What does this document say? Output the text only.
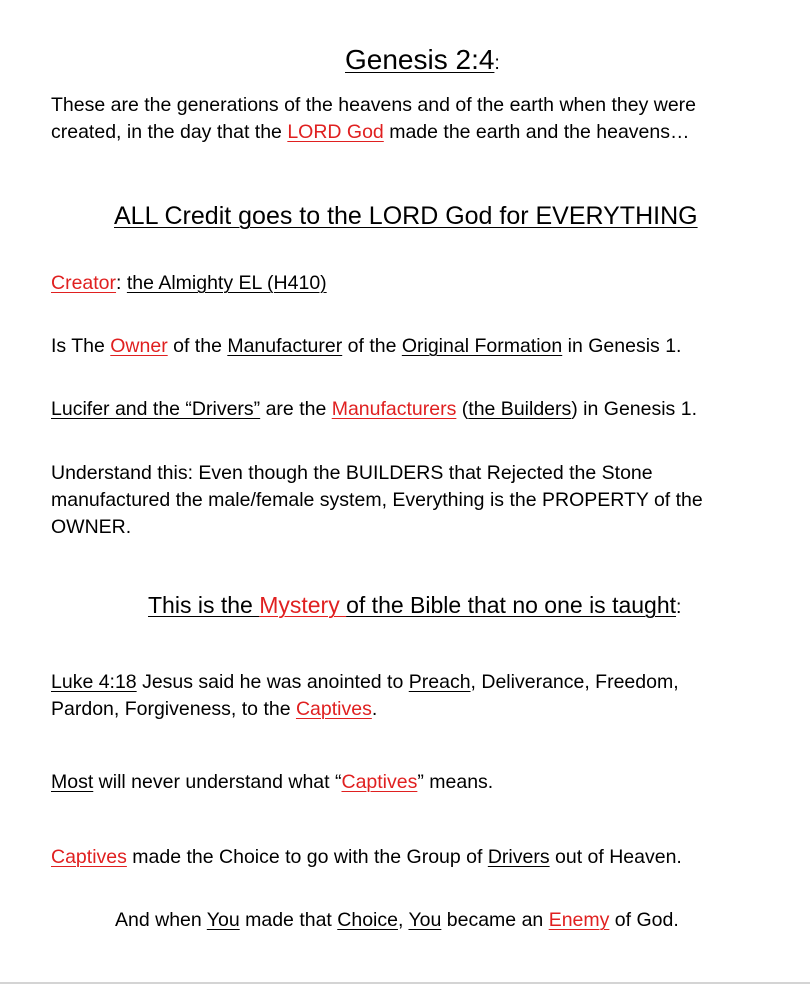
Genesis 2:4:
These are the generations of the heavens and of the earth when they were
created, in the day that the LORD God made the earth and the heavens…
ALL Credit goes to the LORD God for EVERYTHING
Creator: the Almighty EL (H410)
Is The Owner of the Manufacturer of the Original Formation in Genesis 1.
Lucifer and the “Drivers” are the Manufacturers (the Builders) in Genesis 1.
Understand this: Even though the BUILDERS that Rejected the Stone
manufactured the male/female system, Everything is the PROPERTY of the
OWNER.
This is the Mystery of the Bible that no one is taught:
Luke 4:18 Jesus said he was anointed to Preach, Deliverance, Freedom,
Pardon, Forgiveness, to the Captives.
Most will never understand what “Captives” means.
Captives made the Choice to go with the Group of Drivers out of Heaven.
And when You made that Choice, You became an Enemy of God.
